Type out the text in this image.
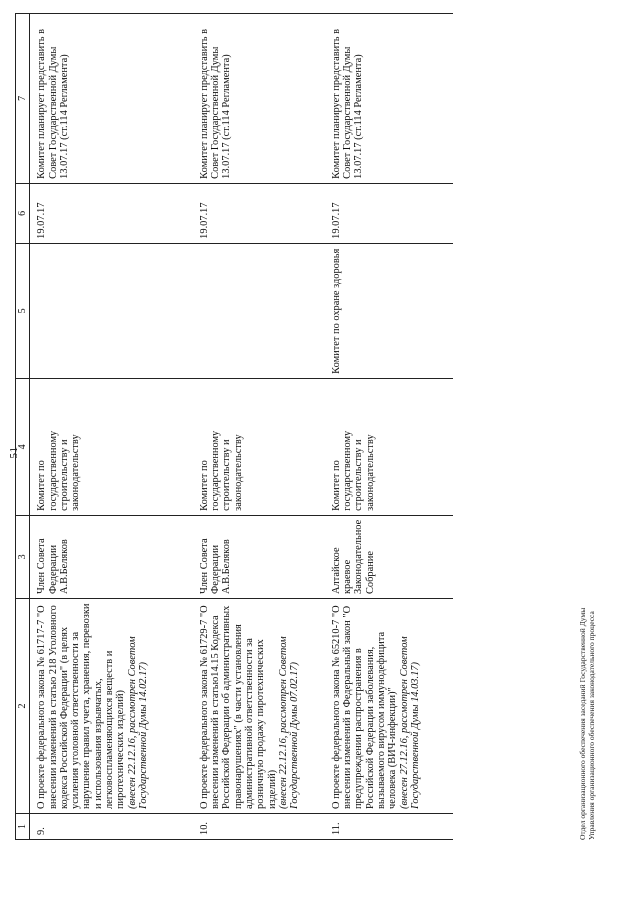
51
1	2	3	4	5	6	7
9.	О проекте федерального закона № 61717-7 "О внесении изменений в статью 218 Уголовного кодекса Российской Федерации" (в целях усиления уголовной ответственности за нарушение правил учета, хранения, перевозки и использования взрывчатых, легковоспламеняющихся веществ и пиротехнических изделий) (внесен 22.12.16, рассмотрен Советом Государственной Думы 14.02.17)	Член Совета Федерации А.В.Беляков	Комитет по государственному строительству и законодательству		19.07.17	Комитет планирует представить в Совет Государственной Думы 13.07.17 (ст.114 Регламента)
10.	О проекте федерального закона № 61729-7 "О внесении изменений в статью14.15 Кодекса Российской Федерации об административных правонарушениях" (в части установления административной ответственности за розничную продажу пиротехнических изделий) (внесен 22.12.16, рассмотрен Советом Государственной Думы 07.02.17)	Член Совета Федерации А.В.Беляков	Комитет по государственному строительству и законодательству		19.07.17	Комитет планирует представить в Совет Государственной Думы 13.07.17 (ст.114 Регламента)
11.	О проекте федерального закона № 65210-7 "О внесении изменений в Федеральный закон "О предупреждении распространения в Российской Федерации заболевания, вызываемого вирусом иммунодефицита человека (ВИЧ-инфекции)" (внесен 27.12.16, рассмотрен Советом Государственной Думы 14.03.17)	Алтайское краевое Законодательное Собрание	Комитет по государственному строительству и законодательству	Комитет по охране здоровья	19.07.17	Комитет планирует представить в Совет Государственной Думы 13.07.17 (ст.114 Регламента)
Отдел организационного обеспечения заседаний Государственной Думы Управления организационного обеспечения законодательного процесса
